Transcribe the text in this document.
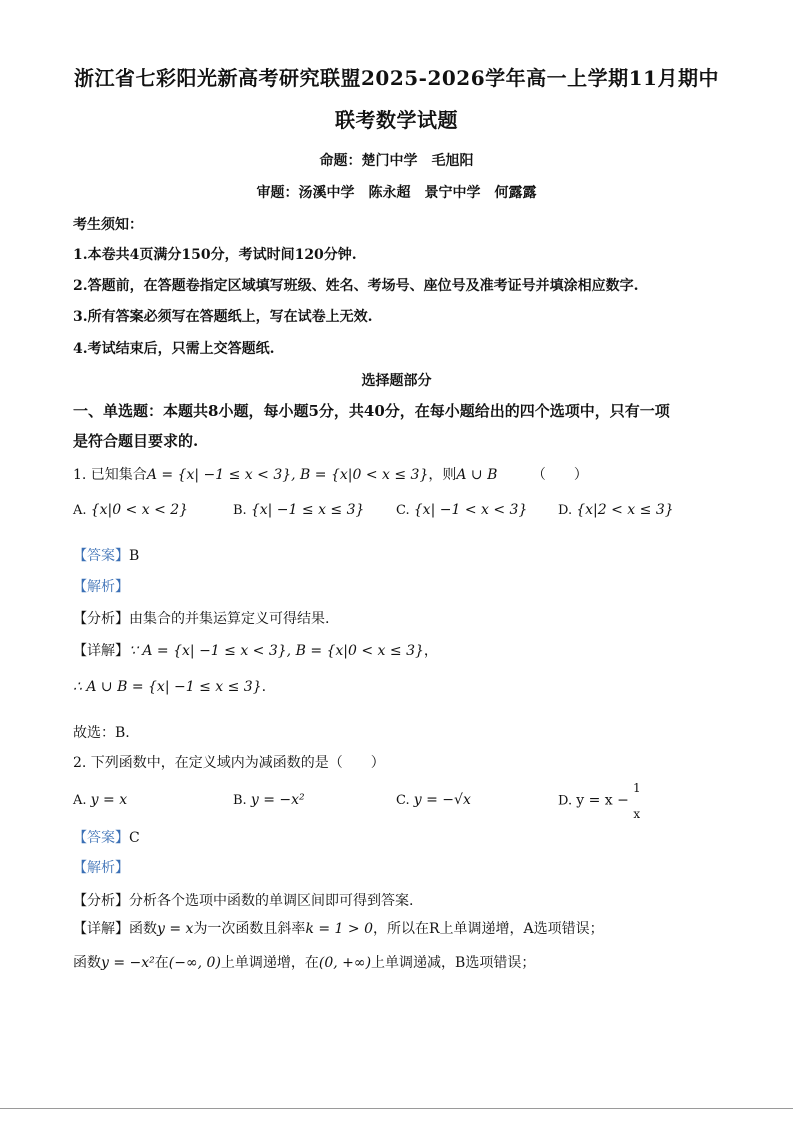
浙江省七彩阳光新高考研究联盟2025-2026学年高一上学期11月期中
联考数学试题
命题：楚门中学　毛旭阳
审题：汤溪中学　陈永超　景宁中学　何露露
考生须知：
1.本卷共4页满分150分，考试时间120分钟.
2.答题前，在答题卷指定区域填写班级、姓名、考场号、座位号及准考证号并填涂相应数字.
3.所有答案必须写在答题纸上，写在试卷上无效.
4.考试结束后，只需上交答题纸.
选择题部分
一、单选题：本题共8小题，每小题5分，共40分，在每小题给出的四个选项中，只有一项
是符合题目要求的.
1. 已知集合A = {x| −1 ≤ x < 3}, B = {x|0 < x ≤ 3}，则A ∪ B （　　）
A. {x|0 < x < 2}	B. {x| −1 ≤ x ≤ 3} C. {x| −1 < x < 3} D. {x|2 < x ≤ 3}
【答案】B
【解析】
【分析】由集合的并集运算定义可得结果.
【详解】∵ A = {x| −1 ≤ x < 3}, B = {x|0 < x ≤ 3}，
∴ A ∪ B = {x| −1 ≤ x ≤ 3}.
故选：B.
2. 下列函数中，在定义域内为减函数的是（　　）
A. y = x	B. y = −x²	C. y = −√x	D. y = x −
1
x
【答案】C
【解析】
【分析】分析各个选项中函数的单调区间即可得到答案.
【详解】函数y = x为一次函数且斜率k = 1 > 0，所以在R上单调递增，A选项错误；
函数y = −x²在(−∞, 0)上单调递增，在(0, +∞)上单调递减，B选项错误；
